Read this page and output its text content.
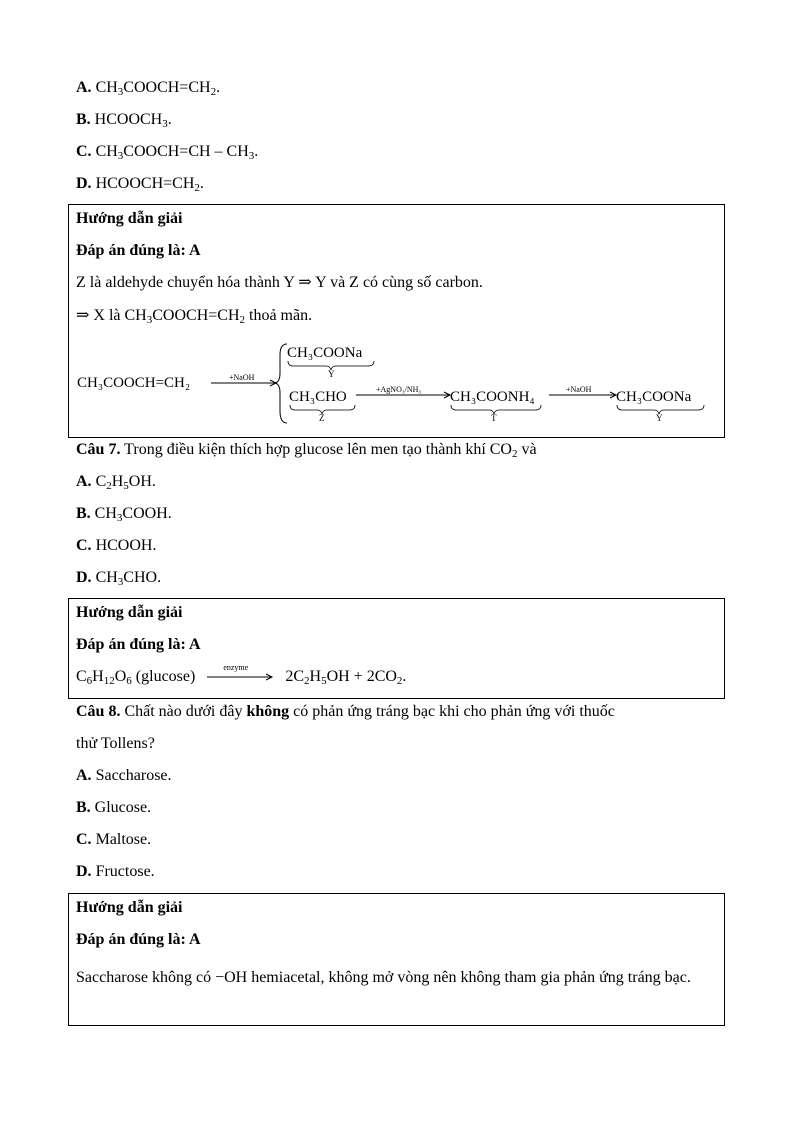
A. $CH_3COOCH=CH_2$.
B. $HCOOCH_3$.
C. $CH_3COOCH=CH - CH_3$.
D. $HCOOCH=CH_2$.
Hướng dẫn giải
Đáp án đúng là: A
Z là aldehyde chuyển hóa thành Y ⇒ Y và Z có cùng số carbon.
⇒ X là $CH_3COOCH=CH_2$ thoả mãn.
CH₃COOCH=CH₂	+NaOH
CH₃COONa
Y
CH₃CHO
Z
+AgNO₃/NH₃ CH₃COONH₄
T
+NaOH CH₃COONa
Y
Câu 7. Trong điều kiện thích hợp glucose lên men tạo thành khí $CO_2$ và
A. $C_2H_5OH$.
B. $CH_3COOH$.
C. HCOOH.
D. $CH_3CHO$.
Hướng dẫn giải
Đáp án đúng là: A
$C_6H_{12}O_6$ (glucose)
enzyme
$2C_2H_5OH + 2CO_2$.
Câu 8. Chất nào dưới đây không có phản ứng tráng bạc khi cho phản ứng với thuốc
thử Tollens?
A. Saccharose.
B. Glucose.
C. Maltose.
D. Fructose.
Hướng dẫn giải
Đáp án đúng là: A
Saccharose không có −OH hemiacetal, không mở vòng nên không tham gia phản ứng tráng bạc.
